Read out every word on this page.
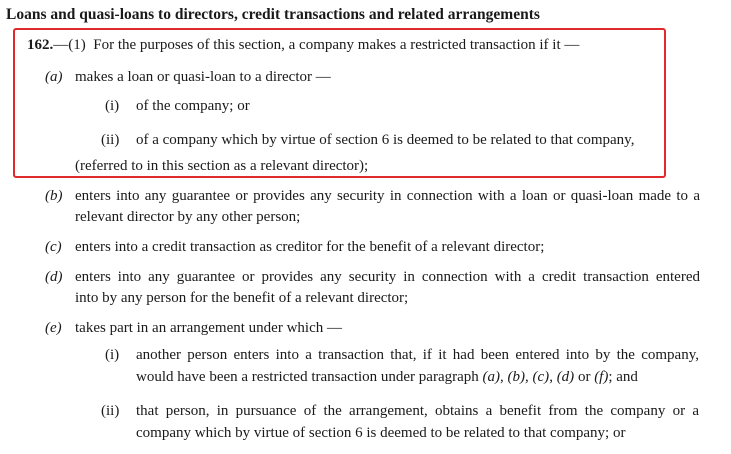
Loans and quasi-loans to directors, credit transactions and related arrangements
162.—(1) For the purposes of this section, a company makes a restricted transaction if it —
(a) makes a loan or quasi-loan to a director —
(i) of the company; or
(ii) of a company which by virtue of section 6 is deemed to be related to that company,
(referred to in this section as a relevant director);
(b) enters into any guarantee or provides any security in connection with a loan or quasi-loan made to a
relevant director by any other person;
(c) enters into a credit transaction as creditor for the benefit of a relevant director;
(d) enters into any guarantee or provides any security in connection with a credit transaction entered
into by any person for the benefit of a relevant director;
(e) takes part in an arrangement under which —
(i) another person enters into a transaction that, if it had been entered into by the company,
would have been a restricted transaction under paragraph (a), (b), (c), (d) or (f); and
(ii) that person, in pursuance of the arrangement, obtains a benefit from the company or a
company which by virtue of section 6 is deemed to be related to that company; or
